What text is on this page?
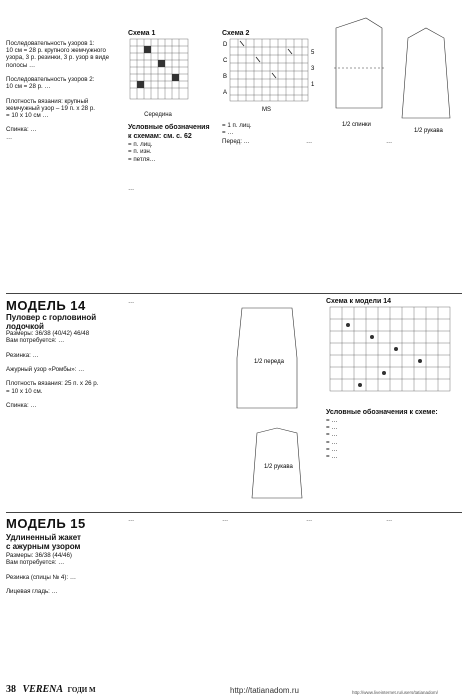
Последовательность узоров 1:
10 см = 28 р. крупного жемчужного
узора, 3 р. резинки, 3 р. узор в виде
полосы …

Последовательность узоров 2:
10 см = 28 р. …

Плотность вязания: крупный
жемчужный узор – 19 п. x 28 р.
= 10 x 10 см …

Спинка: …
…
Схема 1
Середина
Условные обозначения
к схемам: см. с. 62
= п. лиц.
= п. изн.
= петля…
…
Схема 2
D
C
B
A
5
3
1
MS
= 1 п. лиц.
= …
1/2 спинки
1/2 рукава
Перед: …	…	…
МОДЕЛЬ 14
Пуловер с горловиной
лодочкой
Размеры: 36/38 (40/42) 46/48
Вам потребуется: …

Резинка: …

Ажурный узор «Ромбы»: …

Плотность вязания: 25 п. x 26 р.
= 10 x 10 см.

Спинка: …
…
1/2 переда
1/2 рукава
Схема к модели 14
Условные обозначения к схеме:
= …
= …
= …
= …
= …
= …
МОДЕЛЬ 15
Удлиненный жакет
с ажурным узором
Размеры: 36/38 (44/46)
Вам потребуется: …

Резинка (спицы № 4): …

Лицевая гладь: …
…	…	…	…
38 VERENA ГОДИ М	http://tatianadom.ru	http://www.liveinternet.ru/users/tatianadom/
